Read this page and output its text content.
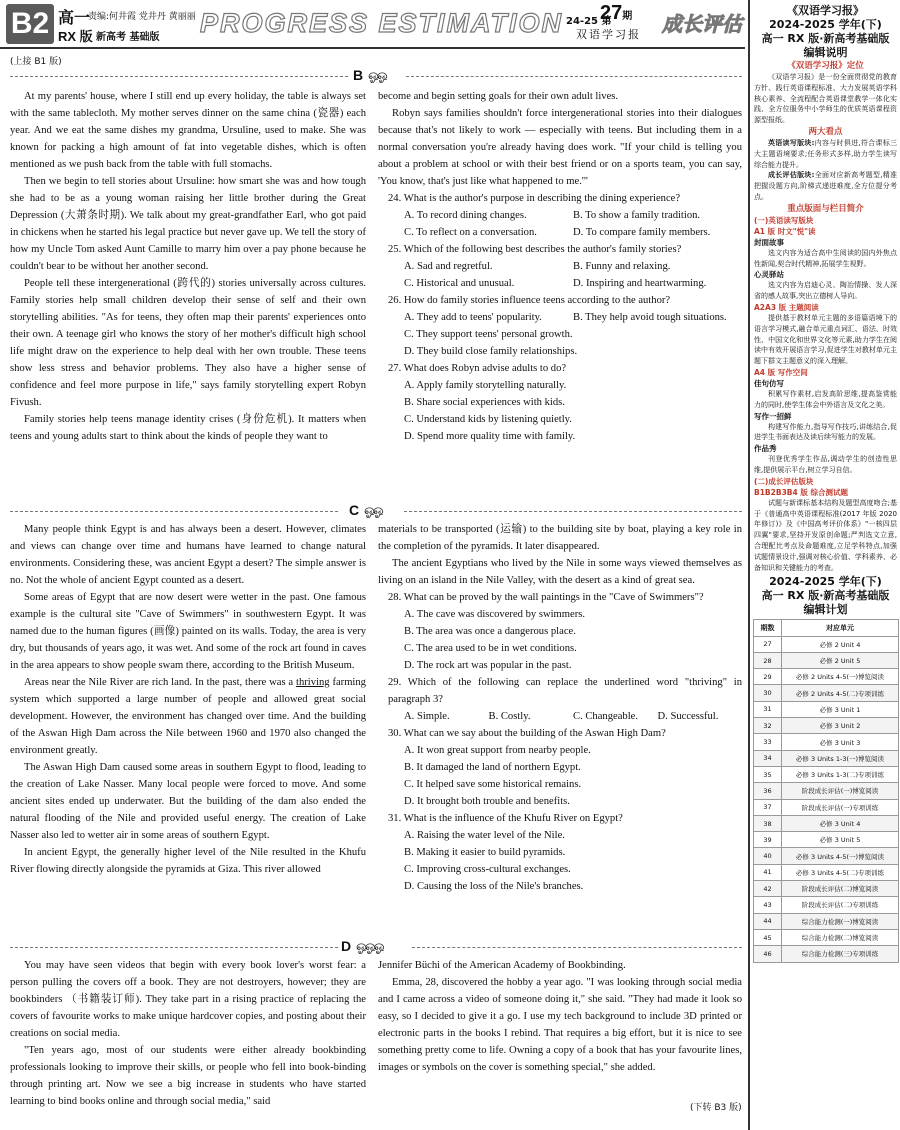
B2 高一
责编:何井霞 党井丹 黄丽丽
RX 版 新高考 基础版 PROGRESS ESTIMATION 24-25 第
27期
双语学习报 成长评估
(上接 B1 版)
B ஓஓ

At my parents' house, where I still end up every holiday, the table is always set with the same tablecloth. My mother serves dinner on the same china (瓷器) each year. And we eat the same dishes my grandma, Ursuline, used to make. She was known for packing a high amount of fat into vegetable dishes, which is often mentioned as we push back from the table with full stomachs.

Then we begin to tell stories about Ursuline: how smart she was and how tough she had to be as a young woman raising her little brother during the Great Depression (大萧条时期). We talk about my great-grandfather Earl, who got paid in chickens when he started his legal practice but never gave up. We tell the story of how my Uncle Tom asked Aunt Camille to marry him over a pay phone because he couldn't bear to be without her another second.

People tell these intergenerational (跨代的) stories universally across cultures. Family stories help small children develop their sense of self and their own storytelling abilities. "As for teens, they often map their parents' experiences onto their own. A teenage girl who knows the story of her mother's difficult high school life might draw on the experience to help deal with her own trouble. These teens show less stress and behavior problems. They also have a higher sense of confidence and feel more purpose in life," says family storytelling expert Robyn Fivush.

Family stories help teens manage identity crises (身份危机). It matters when teens and young adults start to think about the kinds of people they want to

become and begin setting goals for their own adult lives.

Robyn says families shouldn't force intergenerational stories into their dialogues because that's not likely to work — especially with teens. But including them in a normal conversation you're already having does work. "If your child is telling you about a problem at school or with their best friend or on a sports team, you can say, 'You know, that's just like what happened to me.'"

24. What is the author's purpose in describing the dining experience?

A. To record dining changes.	B. To show a family tradition.
C. To reflect on a conversation.	D. To compare family members.

25. Which of the following best describes the author's family stories?

A. Sad and regretful.	B. Funny and relaxing.
C. Historical and unusual.	D. Inspiring and heartwarming.

26. How do family stories influence teens according to the author?

A. They add to teens' popularity.	B. They help avoid tough situations.

C. They support teens' personal growth.

D. They build close family relationships.

27. What does Robyn advise adults to do?

A. Apply family storytelling naturally.

B. Share social experiences with kids.

C. Understand kids by listening quietly.

D. Spend more quality time with family.

C ஓஓ

Many people think Egypt is and has always been a desert. However, climates and views can change over time and humans have learned to change natural environments. Considering these, was ancient Egypt a desert? The simple answer is no. Not the whole of ancient Egypt counted as a desert.

Some areas of Egypt that are now desert were wetter in the past. One famous example is the cultural site "Cave of Swimmers" in southwestern Egypt. It was named due to the human figures (画像) painted on its walls. Today, the area is very dry, but thousands of years ago, it was wet. And some of the rock art found in caves in the area appears to show people swam there, according to the British Museum.

Areas near the Nile River are rich land. In the past, there was a thriving farming system which supported a large number of people and allowed great social development. However, the environment has changed over time. And the building of the Aswan High Dam across the Nile between 1960 and 1970 also changed the environment greatly.

The Aswan High Dam caused some areas in southern Egypt to flood, leading to the creation of Lake Nasser. Many local people were forced to move. And some ancient sites ended up underwater. But the building of the dam also ended the natural flooding of the Nile and provided useful energy. The creation of Lake Nasser also led to wetter air in some areas of southern Egypt.

In ancient Egypt, the generally higher level of the Nile resulted in the Khufu River flowing directly alongside the pyramids at Giza. This river allowed

materials to be transported (运输) to the building site by boat, playing a key role in the completion of the pyramids. It later disappeared.

The ancient Egyptians who lived by the Nile in some ways viewed themselves as living on an island in the Nile Valley, with the desert as a kind of great sea.

28. What can be proved by the wall paintings in the "Cave of Swimmers"?

A. The cave was discovered by swimmers.

B. The area was once a dangerous place.

C. The area used to be in wet conditions.

D. The rock art was popular in the past.

29. Which of the following can replace the underlined word "thriving" in paragraph 3?

A. Simple.	B. Costly.	C. Changeable.	D. Successful.

30. What can we say about the building of the Aswan High Dam?

A. It won great support from nearby people.

B. It damaged the land of northern Egypt.

C. It helped save some historical remains.

D. It brought both trouble and benefits.

31. What is the influence of the Khufu River on Egypt?

A. Raising the water level of the Nile.

B. Making it easier to build pyramids.

C. Improving cross-cultural exchanges.

D. Causing the loss of the Nile's branches.

D ஓஓஓ

You may have seen videos that begin with every book lover's worst fear: a person pulling the covers off a book. They are not destroyers, however; they are bookbinders （书籍装订师). They take part in a rising practice of replacing the covers of favourite works to make unique hardcover copies, and posting about their creations on social media.

"Ten years ago, most of our students were either already bookbinding professionals looking to improve their skills, or people who fell into book-binding through printing art. Now we see a big increase in students who have started learning to bind books online and through social media," said

Jennifer Büchi of the American Academy of Bookbinding.

Emma, 28, discovered the hobby a year ago. "I was looking through social media and I came across a video of someone doing it," she said. "They had made it look so easy, so I decided to give it a go. I use my tech background to include 3D printed or electronic parts in the books I rebind. That requires a big effort, but it is nice to see something pretty come to life. Owning a copy of a book that has your favourite lines, images or symbols on the cover is something special," she added.

(下转 B3 版)
《双语学习报》
2024-2025 学年(下)
高一 RX 版·新高考基础版
编辑说明
《双语学习报》定位
《双语学习报》是一份全面贯彻党的教育方针、践行英语课程标准、大力发展英语学科核心素养、全流程配合英语课堂教学一体化实践、全方位服务中小学师生的优质英语课程资源型报纸。
两大看点
英语读写版块:内容与时俱进,符合课标三大主题语境要求;任务形式多样,助力学生读写综合能力提升。
成长评估版块:全面对应新高考题型,精准把握设题方向,阶梯式递进难度,全方位提分考点。
重点版面与栏目简介
(一)英语读写版块
A1 版 时文"悦"读
封面故事
选文内容为适合高中生阅读的国内外焦点性新闻,契合时代精神,拓展学生视野。
心灵驿站
选文内容为启迪心灵、陶冶情操、发人深省的感人故事,突出立德树人导向。
A2A3 版 主题阅读
提供基于教材单元主题的多语篇语境下的语言学习模式,融合单元重点词汇、语法、时效性、中国文化和世界文化等元素,助力学生在阅读中有效开展语言学习,促进学生对教材单元主题下群文主题意义的深入理解。
A4 版 写作空间
佳句仿写
积累写作素材,启发高阶思维,提高鉴赏能力的同时,使学生体会中外语言及文化之美。
写作一招鲜
构建写作能力,指导写作技巧,讲练结合,促进学生书面表达及读后续写能力的发展。
作品秀
刊登优秀学生作品,调动学生的创造性思维,提供展示平台,树立学习自信。
(二)成长评估版块
B1B2B3B4 版 综合测试题
试题与新课标基本结构及题型高度吻合;基于《普通高中英语课程标准(2017 年版 2020 年修订)》及《中国高考评价体系》"一核四层四翼"要求,坚持开发原创命题;严判选文立意,合理配比考点及命题难度,立足学科特点,加强试题情景设计,强调对核心价值、学科素养、必备知识和关键能力的考查。
2024-2025 学年(下)
高一 RX 版·新高考基础版
编辑计划
期数	对应单元
27	必修 2 Unit 4
28	必修 2 Unit 5
29	必修 2 Units 4-5(一)博览阅读
30	必修 2 Units 4-5(二)专项训练
31	必修 3 Unit 1
32	必修 3 Unit 2
33	必修 3 Unit 3
34	必修 3 Units 1-3(一)博览阅读
35	必修 3 Units 1-3(二)专项训练
36	阶段成长评估(一)博览阅读
37	阶段成长评估(一)专项训练
38	必修 3 Unit 4
39	必修 3 Unit 5
40	必修 3 Units 4-5(一)博览阅读
41	必修 3 Units 4-5(二)专项训练
42	阶段成长评估(二)博览阅读
43	阶段成长评估(二)专项训练
44	综合能力检测(一)博览阅读
45	综合能力检测(二)博览阅读
46	综合能力检测(三)专项训练
